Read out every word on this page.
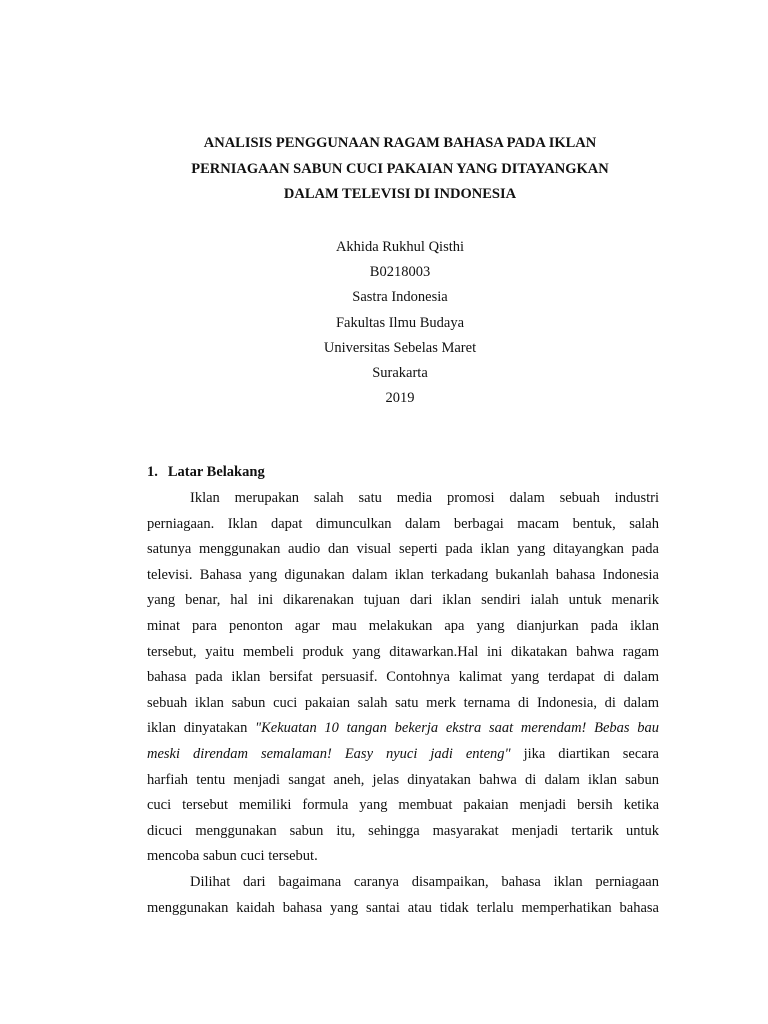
ANALISIS PENGGUNAAN RAGAM BAHASA PADA IKLAN
PERNIAGAAN SABUN CUCI PAKAIAN YANG DITAYANGKAN
DALAM TELEVISI DI INDONESIA
Akhida Rukhul Qisthi
B0218003
Sastra Indonesia
Fakultas Ilmu Budaya
Universitas Sebelas Maret
Surakarta
2019
1. Latar Belakang
Iklan merupakan salah satu media promosi dalam sebuah industri
perniagaan. Iklan dapat dimunculkan dalam berbagai macam bentuk, salah
satunya menggunakan audio dan visual seperti pada iklan yang ditayangkan pada
televisi. Bahasa yang digunakan dalam iklan terkadang bukanlah bahasa Indonesia
yang benar, hal ini dikarenakan tujuan dari iklan sendiri ialah untuk menarik
minat para penonton agar mau melakukan apa yang dianjurkan pada iklan
tersebut, yaitu membeli produk yang ditawarkan.Hal ini dikatakan bahwa ragam
bahasa pada iklan bersifat persuasif. Contohnya kalimat yang terdapat di dalam
sebuah iklan sabun cuci pakaian salah satu merk ternama di Indonesia, di dalam
iklan dinyatakan "Kekuatan 10 tangan bekerja ekstra saat merendam! Bebas bau
meski direndam semalaman! Easy nyuci jadi enteng" jika diartikan secara
harfiah tentu menjadi sangat aneh, jelas dinyatakan bahwa di dalam iklan sabun
cuci tersebut memiliki formula yang membuat pakaian menjadi bersih ketika
dicuci menggunakan sabun itu, sehingga masyarakat menjadi tertarik untuk
mencoba sabun cuci tersebut.
Dilihat dari bagaimana caranya disampaikan, bahasa iklan perniagaan
menggunakan kaidah bahasa yang santai atau tidak terlalu memperhatikan bahasa
